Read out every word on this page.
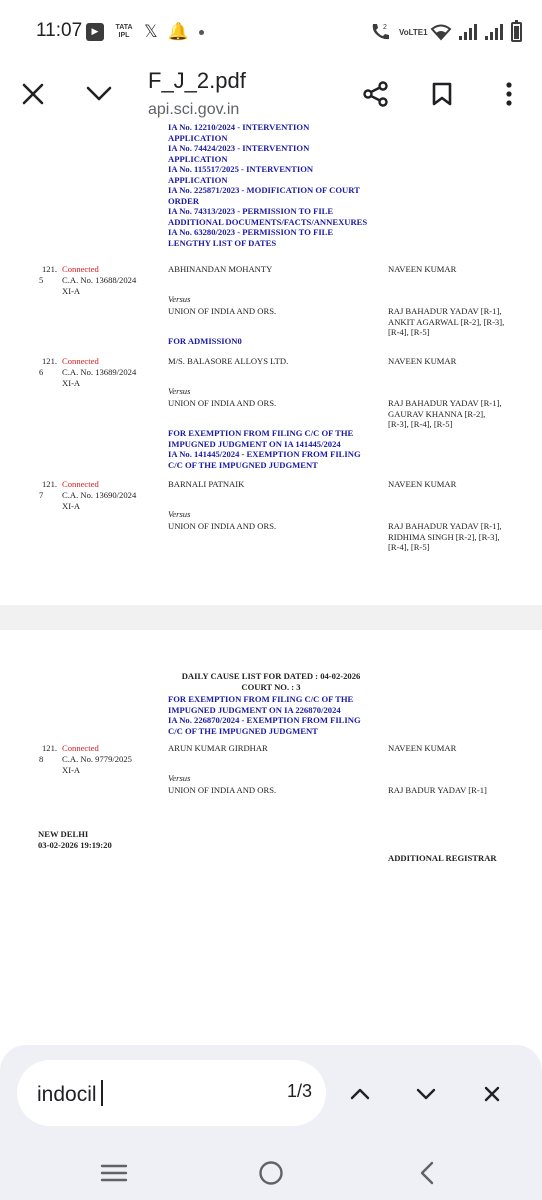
11:07	▶	TATA
IPL 𝕏 🔔	2 VoLTE1
F_J_2.pdf
api.sci.gov.in
IA No. 12210/2024 - INTERVENTION
APPLICATION
IA No. 74424/2023 - INTERVENTION
APPLICATION
IA No. 115517/2025 - INTERVENTION
APPLICATION
IA No. 225871/2023 - MODIFICATION OF COURT
ORDER
IA No. 74313/2023 - PERMISSION TO FILE
ADDITIONAL DOCUMENTS/FACTS/ANNEXURES
IA No. 63280/2023 - PERMISSION TO FILE
LENGTHY LIST OF DATES
121.
5
Connected
C.A. No. 13688/2024
XI-A
ABHINANDAN MOHANTY	NAVEEN KUMAR
Versus
UNION OF INDIA AND ORS.	RAJ BAHADUR YADAV [R-1],
ANKIT AGARWAL [R-2], [R-3],
[R-4], [R-5]
FOR ADMISSION0
121.
6
Connected
C.A. No. 13689/2024
XI-A
M/S. BALASORE ALLOYS LTD.	NAVEEN KUMAR
Versus
UNION OF INDIA AND ORS.	RAJ BAHADUR YADAV [R-1],
GAURAV KHANNA [R-2],
[R-3], [R-4], [R-5]
FOR EXEMPTION FROM FILING C/C OF THE
IMPUGNED JUDGMENT ON IA 141445/2024
IA No. 141445/2024 - EXEMPTION FROM FILING
C/C OF THE IMPUGNED JUDGMENT
121.
7
Connected
C.A. No. 13690/2024
XI-A
BARNALI PATNAIK	NAVEEN KUMAR
Versus
UNION OF INDIA AND ORS.	RAJ BAHADUR YADAV [R-1],
RIDHIMA SINGH [R-2], [R-3],
[R-4], [R-5]
DAILY CAUSE LIST FOR DATED : 04-02-2026
COURT NO. : 3
FOR EXEMPTION FROM FILING C/C OF THE
IMPUGNED JUDGMENT ON IA 226870/2024
IA No. 226870/2024 - EXEMPTION FROM FILING
C/C OF THE IMPUGNED JUDGMENT
121.
8
Connected
C.A. No. 9779/2025
XI-A
ARUN KUMAR GIRDHAR	NAVEEN KUMAR
Versus
UNION OF INDIA AND ORS.	RAJ BADUR YADAV [R-1]
NEW DELHI
03-02-2026 19:19:20
ADDITIONAL REGISTRAR
indocil	1/3
